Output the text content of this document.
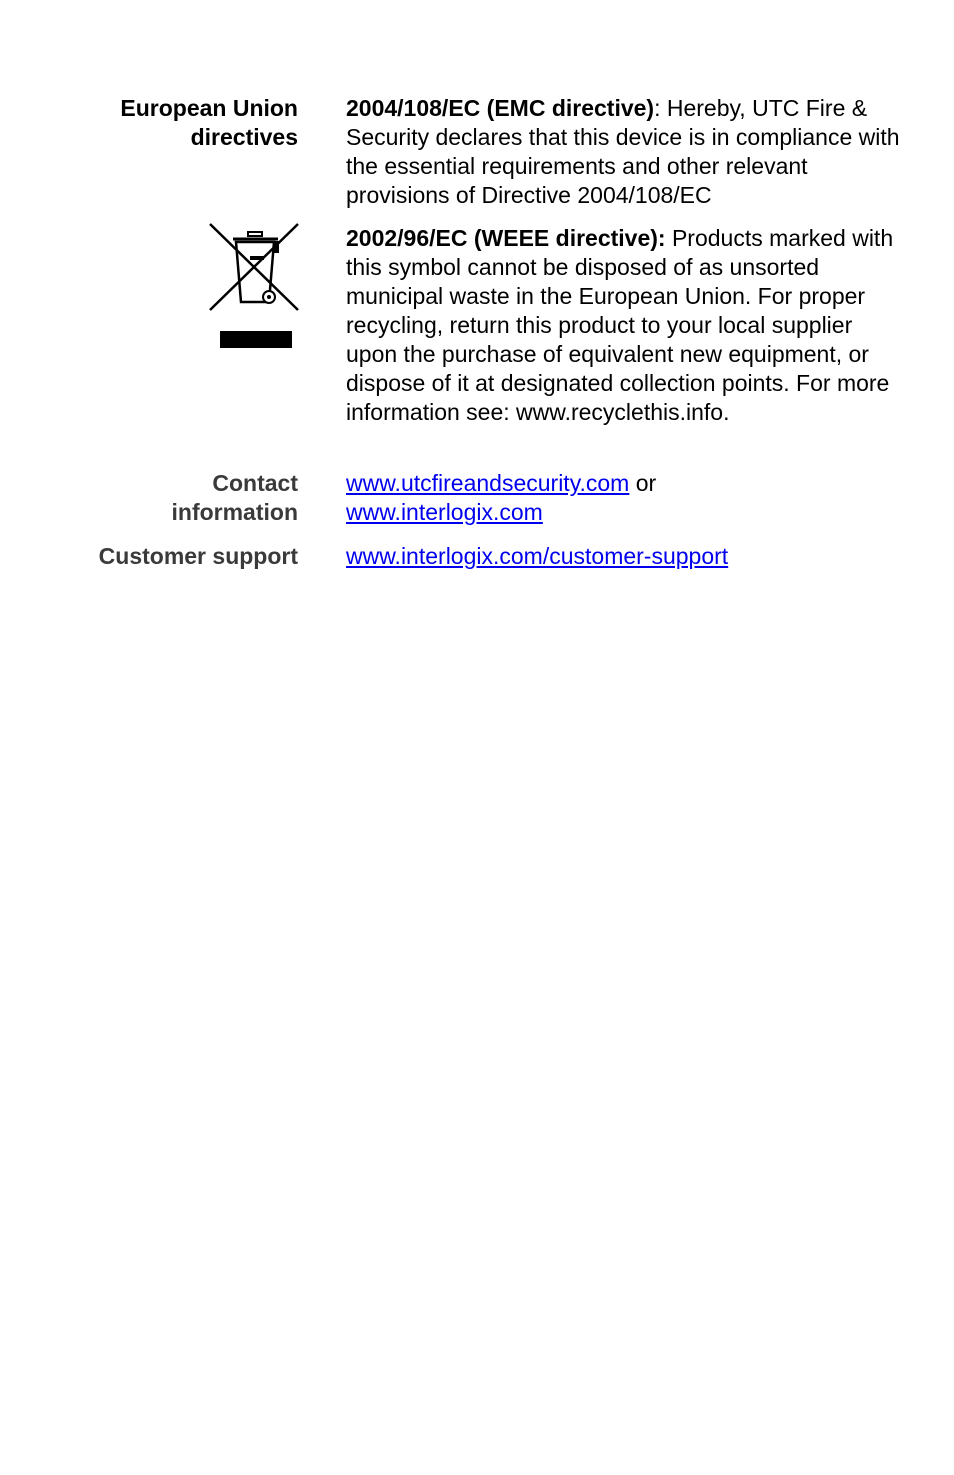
European Union
directives
2004/108/EC (EMC directive): Hereby, UTC Fire & Security declares that this device is in compliance with the essential requirements and other relevant provisions of Directive 2004/108/EC
2002/96/EC (WEEE directive): Products marked with this symbol cannot be disposed of as unsorted municipal waste in the European Union. For proper recycling, return this product to your local supplier upon the purchase of equivalent new equipment, or dispose of it at designated collection points. For more information see: www.recyclethis.info.
Contact
information
www.utcfireandsecurity.com or
www.interlogix.com
Customer support www.interlogix.com/customer-support
